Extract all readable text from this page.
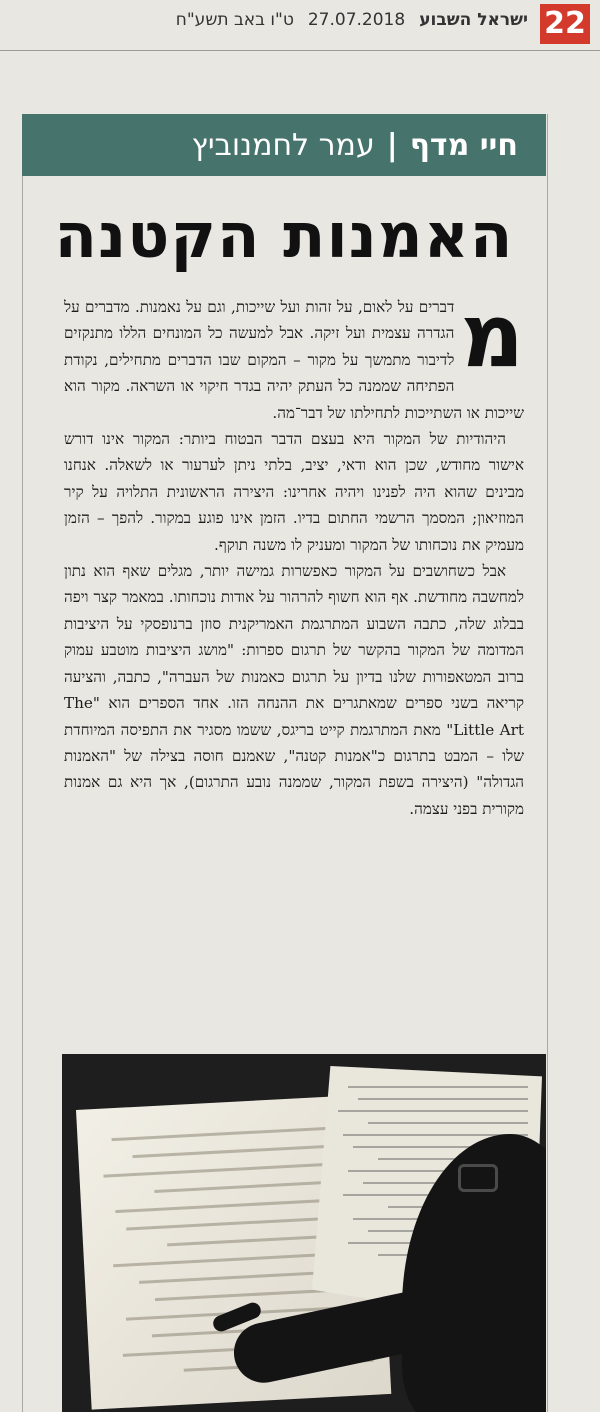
22
ישראל השבוע27.07.2018ט"ו באב תשע"ח
חיי מדף
|
עמר לחמנוביץ
האמנות הקטנה

מ
דברים על לאום, על זהות ועל שייכות, וגם על נאמנות. מדברים על הגדרה עצמית ועל זיקה. אבל למעשה כל המונחים הללו מתנקזים לדיבור מתמשך על מקור – המקום שבו הדברים מתחילים, נקודת הפתיחה שממנה כל העתק יהיה בגדר חיקוי או השראה. מקור הוא שייכות או השתייכות לתחילתו של דבר־מה.

היהודיות של המקור היא בעצם הדבר הבטוח ביותר: המקור אינו דורש אישור מחודש, שכן הוא ודאי, יציב, בלתי ניתן לערעור או לשאלה. אנחנו מבינים שהוא היה לפנינו ויהיה אחרינו: היצירה הראשונית התלויה על קיר המוזיאון; המסמך הרשמי החתום בדיו. הזמן אינו פוגע במקור. להפך – הזמן מעמיק את נוכחותו של המקור ומעניק לו משנה תוקף.

אבל כשחושבים על המקור כאפשרות גמישה יותר, מגלים שאף הוא נתון למחשבה מחודשת. אף הוא חשוף להרהור על אודות נוכחותו. במאמר קצר ויפה בבלוג שלה, כתבה השבוע המתרגמת האמריקנית סוזן ברנופסקי על היציבות המדומה של המקור בהקשר של תרגום ספרות: "מושג היציבות מוטבע עמוק ברוב המטאפורות שלנו בדיון על תרגום כאמנות של העברה", כתבה, והציעה קריאה בשני ספרים שמאתגרים את ההנחה הזו. אחד הספרים הוא "The Little Art" מאת המתרגמת קייט בריגס, ששמו מסגיר את התפיסה המיוחדת שלו – המבט בתרגום כ"אמנות קטנה", שאמנם חוסה בצילה של "האמנות הגדולה" (היצירה בשפת המקור, שממנה נובע התרגום), אך היא גם אמנות מקורית בפני עצמה.
